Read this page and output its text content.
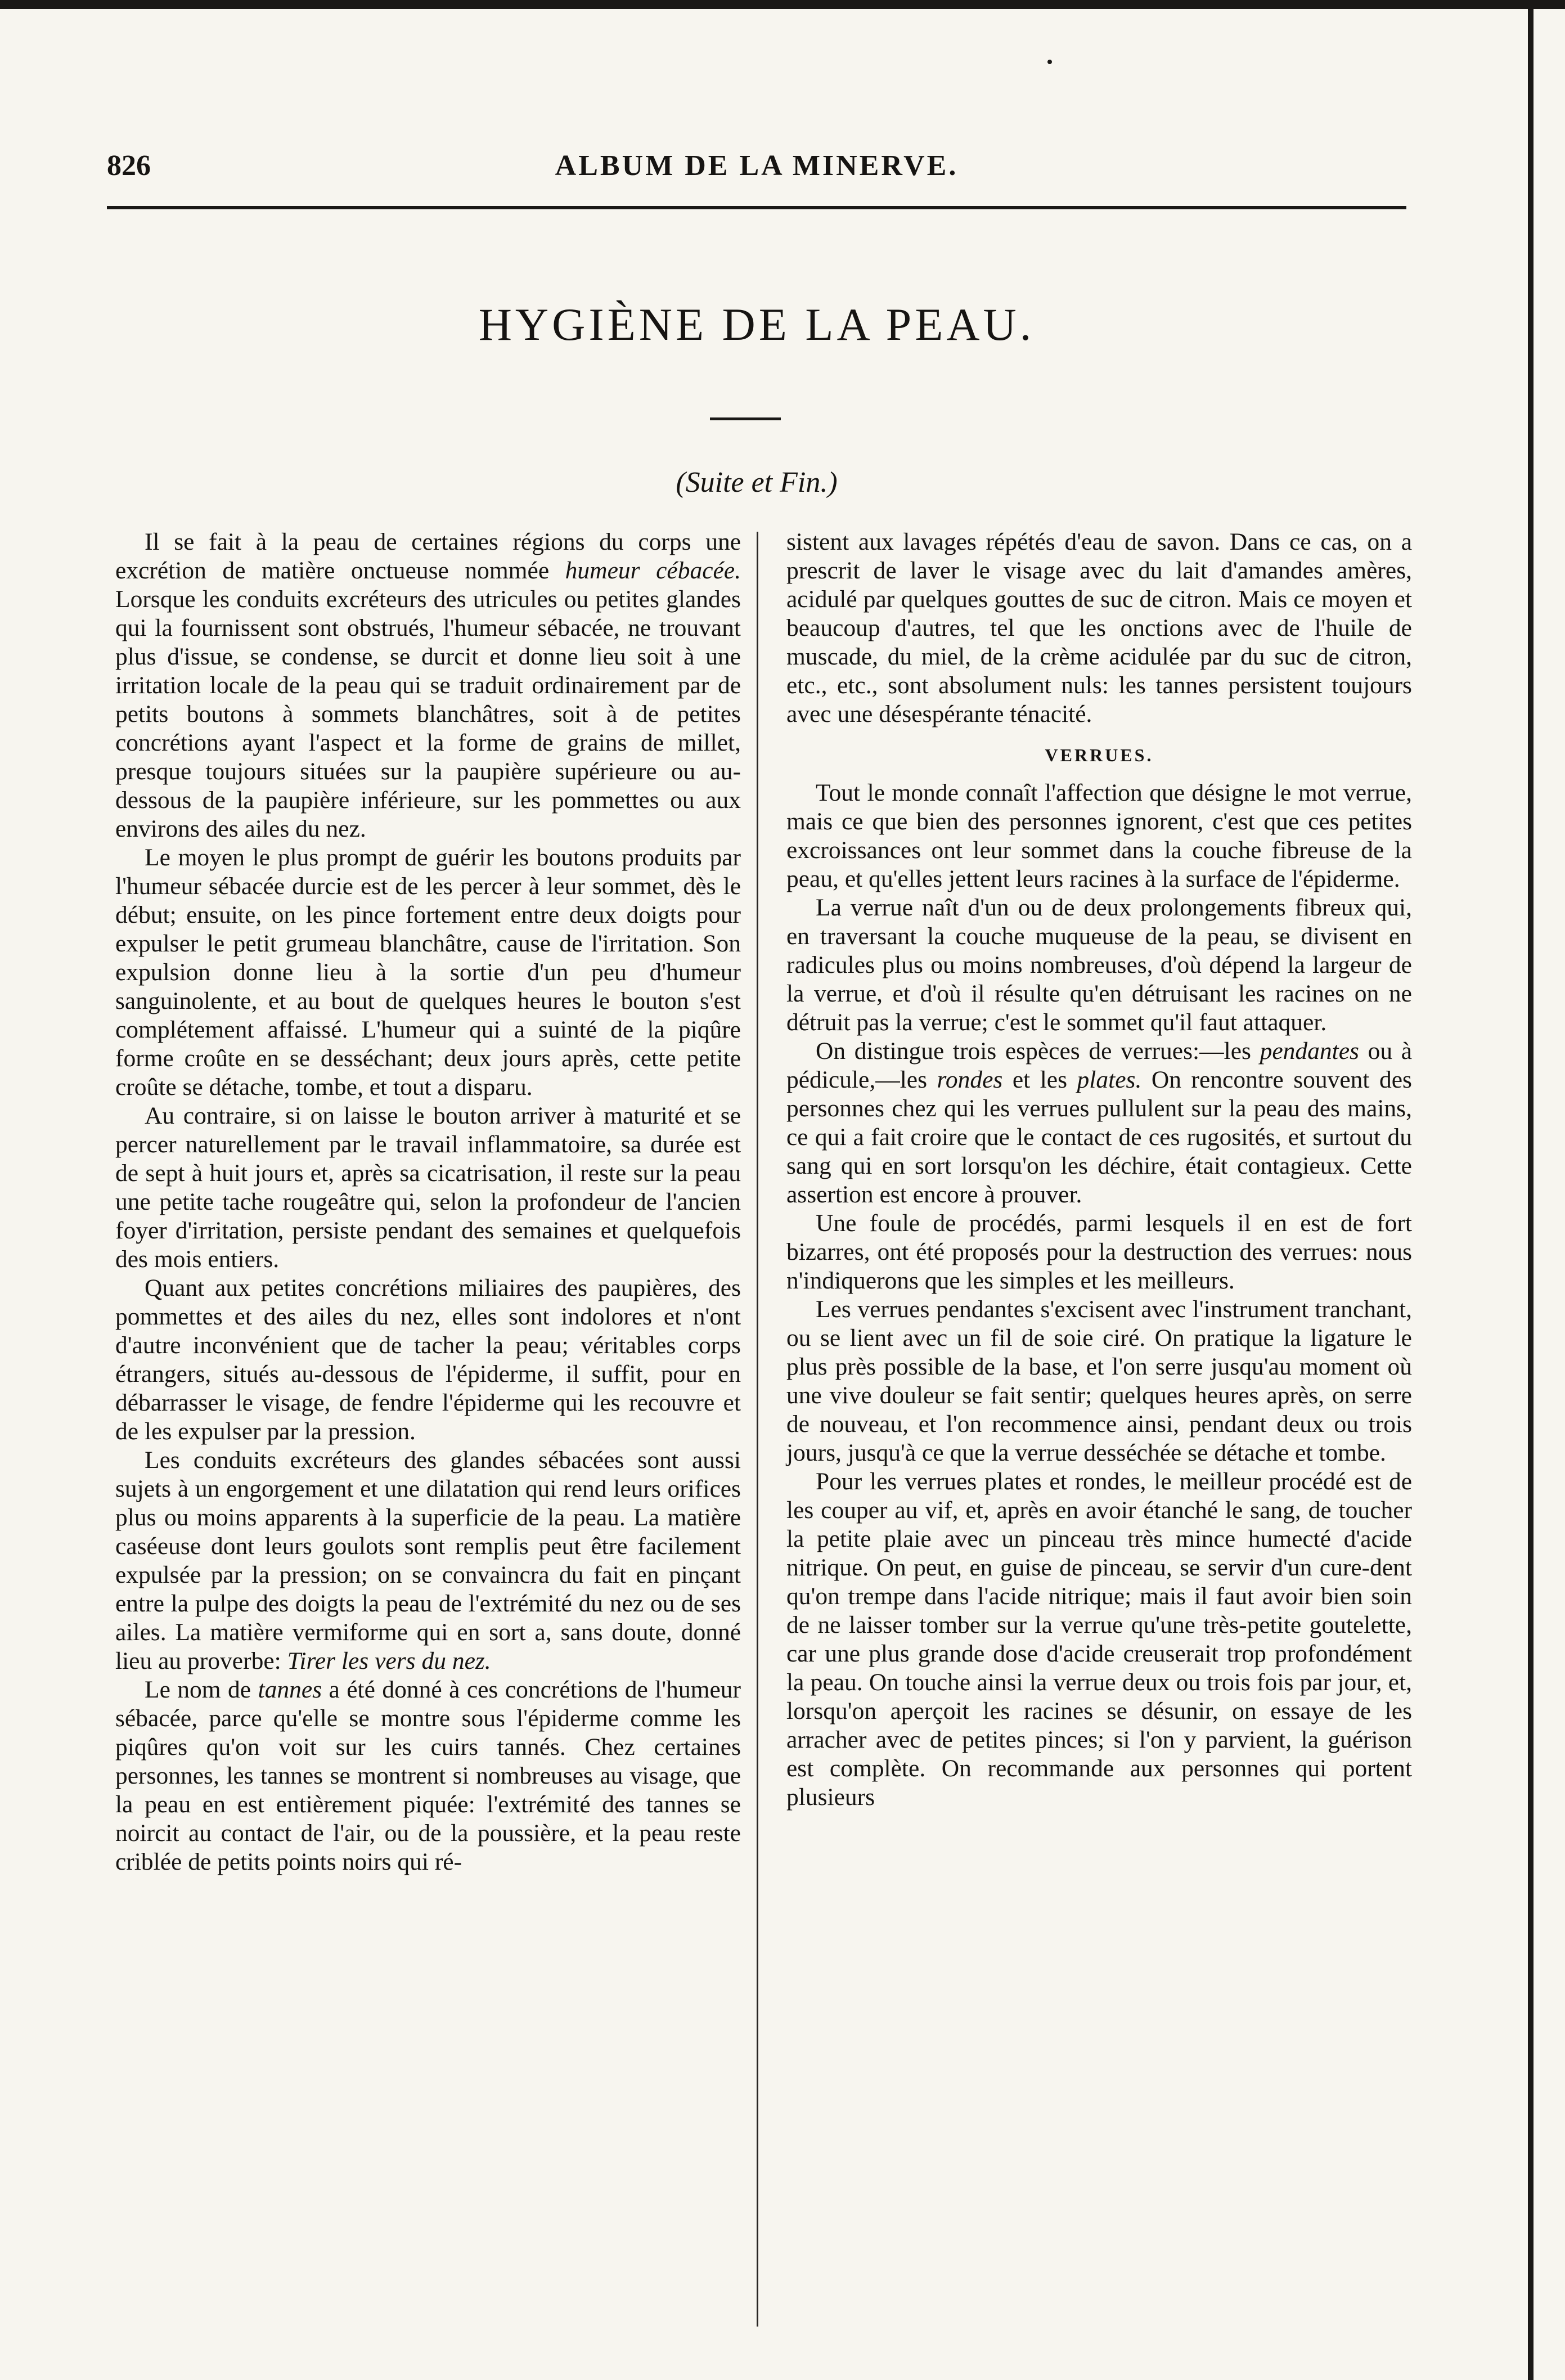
826	ALBUM DE LA MINERVE.
HYGIÈNE DE LA PEAU.
(Suite et Fin.)

Il se fait à la peau de certaines régions du corps une excrétion de matière onctueuse nommée humeur cébacée. Lorsque les conduits excréteurs des utricules ou petites glandes qui la fournissent sont obstrués, l'humeur sébacée, ne trouvant plus d'issue, se condense, se durcit et donne lieu soit à une irritation locale de la peau qui se traduit ordinairement par de petits boutons à sommets blanchâtres, soit à de petites concrétions ayant l'aspect et la forme de grains de millet, presque toujours situées sur la paupière supérieure ou au-dessous de la paupière inférieure, sur les pommettes ou aux environs des ailes du nez.

Le moyen le plus prompt de guérir les boutons produits par l'humeur sébacée durcie est de les percer à leur sommet, dès le début; ensuite, on les pince fortement entre deux doigts pour expulser le petit grumeau blanchâtre, cause de l'irritation. Son expulsion donne lieu à la sortie d'un peu d'humeur sanguinolente, et au bout de quelques heures le bouton s'est complétement affaissé. L'humeur qui a suinté de la piqûre forme croûte en se desséchant; deux jours après, cette petite croûte se détache, tombe, et tout a disparu.

Au contraire, si on laisse le bouton arriver à maturité et se percer naturellement par le travail inflammatoire, sa durée est de sept à huit jours et, après sa cicatrisation, il reste sur la peau une petite tache rougeâtre qui, selon la profondeur de l'ancien foyer d'irritation, persiste pendant des semaines et quelquefois des mois entiers.

Quant aux petites concrétions miliaires des paupières, des pommettes et des ailes du nez, elles sont indolores et n'ont d'autre inconvénient que de tacher la peau; véritables corps étrangers, situés au-dessous de l'épiderme, il suffit, pour en débarrasser le visage, de fendre l'épiderme qui les recouvre et de les expulser par la pression.

Les conduits excréteurs des glandes sébacées sont aussi sujets à un engorgement et une dilatation qui rend leurs orifices plus ou moins apparents à la superficie de la peau. La matière caséeuse dont leurs goulots sont remplis peut être facilement expulsée par la pression; on se convaincra du fait en pinçant entre la pulpe des doigts la peau de l'extrémité du nez ou de ses ailes. La matière vermiforme qui en sort a, sans doute, donné lieu au proverbe: Tirer les vers du nez.

Le nom de tannes a été donné à ces concrétions de l'humeur sébacée, parce qu'elle se montre sous l'épiderme comme les piqûres qu'on voit sur les cuirs tannés. Chez certaines personnes, les tannes se montrent si nombreuses au visage, que la peau en est entièrement piquée: l'extrémité des tannes se noircit au contact de l'air, ou de la poussière, et la peau reste criblée de petits points noirs qui ré-

sistent aux lavages répétés d'eau de savon. Dans ce cas, on a prescrit de laver le visage avec du lait d'amandes amères, acidulé par quelques gouttes de suc de citron. Mais ce moyen et beaucoup d'autres, tel que les onctions avec de l'huile de muscade, du miel, de la crème acidulée par du suc de citron, etc., etc., sont absolument nuls: les tannes persistent toujours avec une désespérante ténacité.

VERRUES.

Tout le monde connaît l'affection que désigne le mot verrue, mais ce que bien des personnes ignorent, c'est que ces petites excroissances ont leur sommet dans la couche fibreuse de la peau, et qu'elles jettent leurs racines à la surface de l'épiderme.

La verrue naît d'un ou de deux prolongements fibreux qui, en traversant la couche muqueuse de la peau, se divisent en radicules plus ou moins nombreuses, d'où dépend la largeur de la verrue, et d'où il résulte qu'en détruisant les racines on ne détruit pas la verrue; c'est le sommet qu'il faut attaquer.

On distingue trois espèces de verrues:—les pendantes ou à pédicule,—les rondes et les plates. On rencontre souvent des personnes chez qui les verrues pullulent sur la peau des mains, ce qui a fait croire que le contact de ces rugosités, et surtout du sang qui en sort lorsqu'on les déchire, était contagieux. Cette assertion est encore à prouver.

Une foule de procédés, parmi lesquels il en est de fort bizarres, ont été proposés pour la destruction des verrues: nous n'indiquerons que les simples et les meilleurs.

Les verrues pendantes s'excisent avec l'instrument tranchant, ou se lient avec un fil de soie ciré. On pratique la ligature le plus près possible de la base, et l'on serre jusqu'au moment où une vive douleur se fait sentir; quelques heures après, on serre de nouveau, et l'on recommence ainsi, pendant deux ou trois jours, jusqu'à ce que la verrue desséchée se détache et tombe.

Pour les verrues plates et rondes, le meilleur procédé est de les couper au vif, et, après en avoir étanché le sang, de toucher la petite plaie avec un pinceau très mince humecté d'acide nitrique. On peut, en guise de pinceau, se servir d'un cure-dent qu'on trempe dans l'acide nitrique; mais il faut avoir bien soin de ne laisser tomber sur la verrue qu'une très-petite goutelette, car une plus grande dose d'acide creuserait trop profondément la peau. On touche ainsi la verrue deux ou trois fois par jour, et, lorsqu'on aperçoit les racines se désunir, on essaye de les arracher avec de petites pinces; si l'on y parvient, la guérison est complète. On recommande aux personnes qui portent plusieurs
